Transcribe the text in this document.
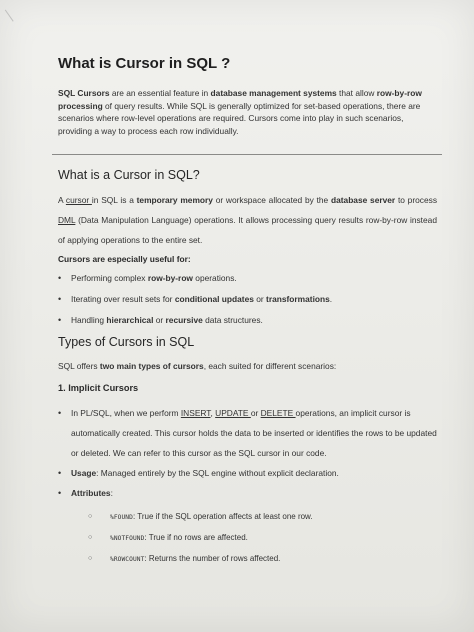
What is Cursor in SQL ?
SQL Cursors are an essential feature in database management systems that allow row-by-row processing of query results. While SQL is generally optimized for set-based operations, there are scenarios where row-level operations are required. Cursors come into play in such scenarios, providing a way to process each row individually.
What is a Cursor in SQL?
A cursor in SQL is a temporary memory or workspace allocated by the database server to process DML (Data Manipulation Language) operations. It allows processing query results row-by-row instead of applying operations to the entire set.
Cursors are especially useful for:
• Performing complex row-by-row operations.
• Iterating over result sets for conditional updates or transformations.
• Handling hierarchical or recursive data structures.
Types of Cursors in SQL
SQL offers two main types of cursors, each suited for different scenarios:
1. Implicit Cursors
• In PL/SQL, when we perform INSERT, UPDATE or DELETE operations, an implicit cursor is automatically created. This cursor holds the data to be inserted or identifies the rows to be updated or deleted. We can refer to this cursor as the SQL cursor in our code.
• Usage: Managed entirely by the SQL engine without explicit declaration.
• Attributes:
○	%FOUND: True if the SQL operation affects at least one row.
○	%NOTFOUND: True if no rows are affected.
○	%ROWCOUNT: Returns the number of rows affected.
